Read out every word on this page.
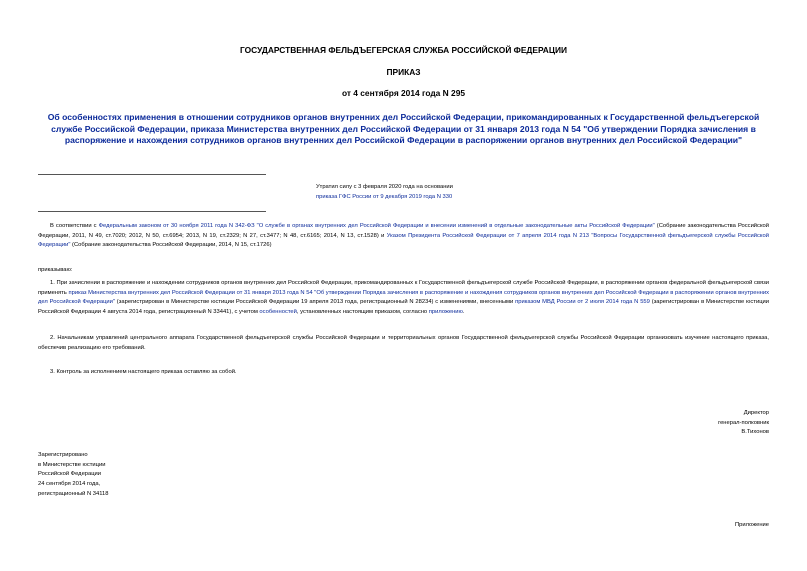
ГОСУДАРСТВЕННАЯ ФЕЛЬДЪЕГЕРСКАЯ СЛУЖБА РОССИЙСКОЙ ФЕДЕРАЦИИ
ПРИКАЗ
от 4 сентября 2014 года N 295
Об особенностях применения в отношении сотрудников органов внутренних дел Российской Федерации, прикомандированных к Государственной фельдъегерской службе Российской Федерации, приказа Министерства внутренних дел Российской Федерации от 31 января 2013 года N 54 "Об утверждении Порядка зачисления в распоряжение и нахождения сотрудников органов внутренних дел Российской Федерации в распоряжении органов внутренних дел Российской Федерации"
Утратил силу с 3 февраля 2020 года на основании
приказа ГФС России от 9 декабря 2019 года N 330
В соответствии с Федеральным законом от 30 ноября 2011 года N 342-ФЗ "О службе в органах внутренних дел Российской Федерации и внесении изменений в отдельные законодательные акты Российской Федерации" (Собрание законодательства Российской Федерации, 2011, N 49, ст.7020; 2012, N 50, ст.6954; 2013, N 19, ст.2329; N 27, ст.3477; N 48, ст.6165; 2014, N 13, ст.1528) и Указом Президента Российской Федерации от 7 апреля 2014 года N 213 "Вопросы Государственной фельдъегерской службы Российской Федерации" (Собрание законодательства Российской Федерации, 2014, N 15, ст.1726)
приказываю:
1. При зачислении в распоряжение и нахождении сотрудников органов внутренних дел Российской Федерации, прикомандированных к Государственной фельдъегерской службе Российской Федерации, в распоряжении органов федеральной фельдъегерской связи применять приказ Министерства внутренних дел Российской Федерации от 31 января 2013 года N 54 "Об утверждении Порядка зачисления в распоряжение и нахождения сотрудников органов внутренних дел Российской Федерации в распоряжении органов внутренних дел Российской Федерации" (зарегистрирован в Министерстве юстиции Российской Федерации 19 апреля 2013 года, регистрационный N 28234) с изменениями, внесенными приказом МВД России от 2 июля 2014 года N 559 (зарегистрирован в Министерстве юстиции Российской Федерации 4 августа 2014 года, регистрационный N 33441), с учетом особенностей, установленных настоящим приказом, согласно приложению.
2. Начальникам управлений центрального аппарата Государственной фельдъегерской службы Российской Федерации и территориальных органов Государственной фельдъегерской службы Российской Федерации организовать изучение настоящего приказа, обеспечив реализацию его требований.
3. Контроль за исполнением настоящего приказа оставляю за собой.
Директор
генерал-полковник
В.Тихонов
Зарегистрировано
в Министерстве юстиции
Российской Федерации
24 сентября 2014 года,
регистрационный N 34118
Приложение
